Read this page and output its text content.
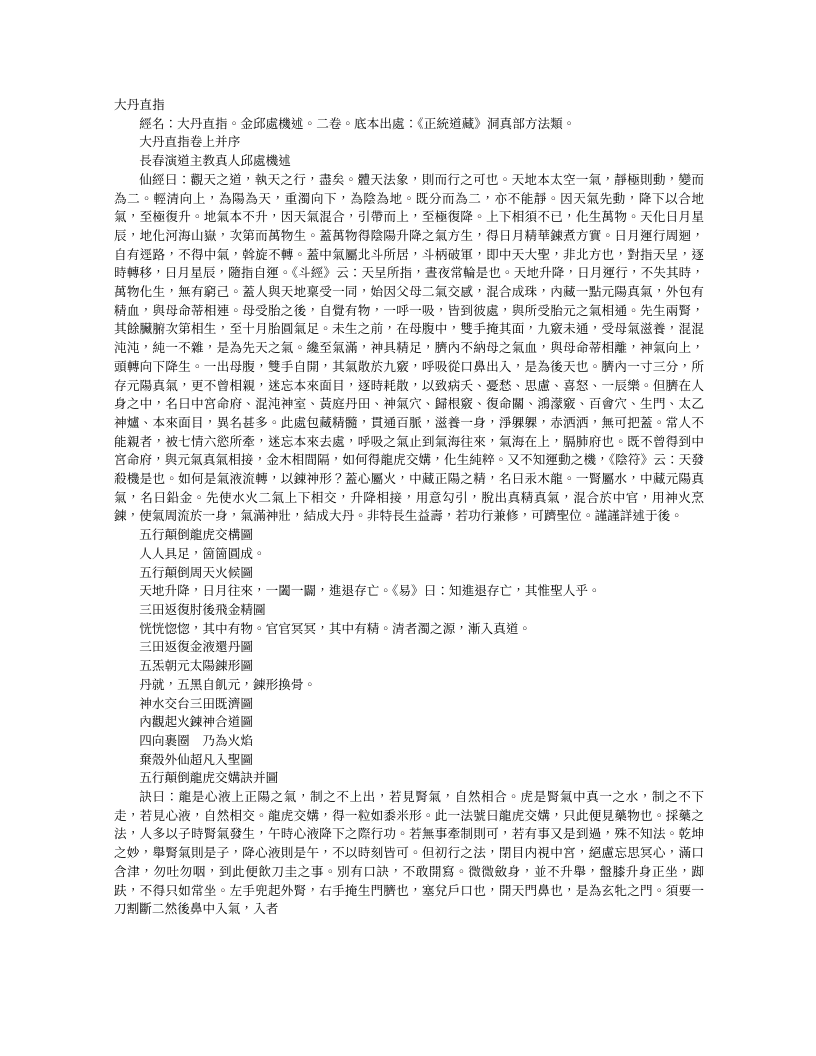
大丹直指

經名：大丹直指。金邱處機述。二卷。底本出處：《正統道藏》洞真部方法類。

大丹直指卷上并序

長春演道主教真人邱處機述

仙經曰：觀天之道，執天之行，盡矣。體天法象，則而行之可也。天地本太空一氣，靜極則動，變而為二。輕清向上，為陽為天，重濁向下，為陰為地。既分而為二，亦不能靜。因天氣先動，降下以合地氣，至極復升。地氣本不升，因天氣混合，引帶而上，至極復降。上下相須不已，化生萬物。天化日月星辰，地化河海山嶽，次第而萬物生。蓋萬物得陰陽升降之氣方生，得日月精華錬煮方實。日月運行周迴，自有逕路，不得中氣，斡旋不轉。蓋中氣屬北斗所居，斗柄破軍，即中天大聖，非北方也，對指天呈，逐時轉移，日月星辰，隨指自運。《斗經》云：天呈所指，晝夜常輪是也。天地升降，日月運行，不失其時，萬物化生，無有窮己。蓋人與天地稟受一同，始因父母二氣交感，混合成珠，內藏一點元陽真氣，外包有精血，與母命蒂相連。母受胎之後，自覺有物，一呼一吸，皆到彼處，與所受胎元之氣相通。先生兩腎，其餘臟腑次第相生，至十月胎圓氣足。未生之前，在母腹中，雙手掩其面，九竅未通，受母氣滋養，混混沌沌，純一不雜，是為先天之氣。纔至氣滿，神具精足，臍內不納母之氣血，與母命蒂相離，神氣向上，頭轉向下降生。一出母腹，雙手自開，其氣散於九竅，呼吸從口鼻出入，是為後天也。臍內一寸三分，所存元陽真氣，更不曾相親，迷忘本來面目，逐時耗散，以致病夭、憂愁、思慮、喜怒、一辰樂。但臍在人身之中，名曰中宮命府、混沌神室、黃庭丹田、神氣穴、歸根竅、復命關、鴻濛竅、百會穴、生門、太乙神爐、本來面目，異名甚多。此處包藏精髓，貫通百脈，滋養一身，淨躶躶，赤洒洒，無可把蓋。常人不能親者，被七情六慾所牽，迷忘本來去處，呼吸之氣止到氣海往來，氣海在上，膈肺府也。既不曾得到中宮命府，與元氣真氣相接，金木相間隔，如何得龍虎交媾，化生純粹。又不知運動之機，《陰符》云：天發殺機是也。如何是氣液流轉，以錬神形？蓋心屬火，中藏正陽之精，名曰汞木龍。一腎屬水，中藏元陽真氣，名曰鉛金。先使水火二氣上下相交，升降相接，用意勾引，脫出真精真氣，混合於中官，用神火烹錬，使氣周流於一身，氣滿神壯，結成大丹。非特長生益壽，若功行兼修，可躋聖位。謹謹詳述于後。

五行顛倒龍虎交構圖

人人具足，箇箇圓成。

五行顛倒周天火候圖

天地升降，日月往來，一闔一闢，進退存亡。《易》曰：知進退存亡，其惟聖人乎。

三田返復肘後飛金精圖

恍恍惚惚，其中有物。官官冥冥，其中有精。清者濁之源，漸入真道。

三田返復金液還丹圖

五炁朝元太陽錬形圖

丹就，五黑自飢元，錬形換骨。

神水交台三田既濟圖

內觀起火錬神合道圖

四向裹圈　乃為火焰

棄殼外仙超凡入聖圖

五行顛倒龍虎交媾訣并圖

訣曰：龍是心液上正陽之氣，制之不上出，若見腎氣，自然相合。虎是腎氣中真一之水，制之不下走，若見心液，自然相交。龍虎交媾，得一粒如黍米形。此一法號曰龍虎交媾，只此便見藥物也。採藥之法，人多以子時腎氣發生，午時心液降下之際行功。若無事牽制則可，若有事又是到過，殊不知法。乾坤之妙，舉腎氣則是子，降心液則是午，不以時刻皆可。但初行之法，閉目内視中宮，絕慮忘思冥心，滿口含津，勿吐勿咽，到此便飲刀圭之事。別有口訣，不敢開寫。微微斂身，並不升舉，盤膝升身正坐，踋趺，不得只如常坐。左手兜起外腎，右手掩生門臍也，塞兌戶口也，開天門鼻也，是為玄牝之門。須要一刀割斷二然後鼻中入氣，入者
